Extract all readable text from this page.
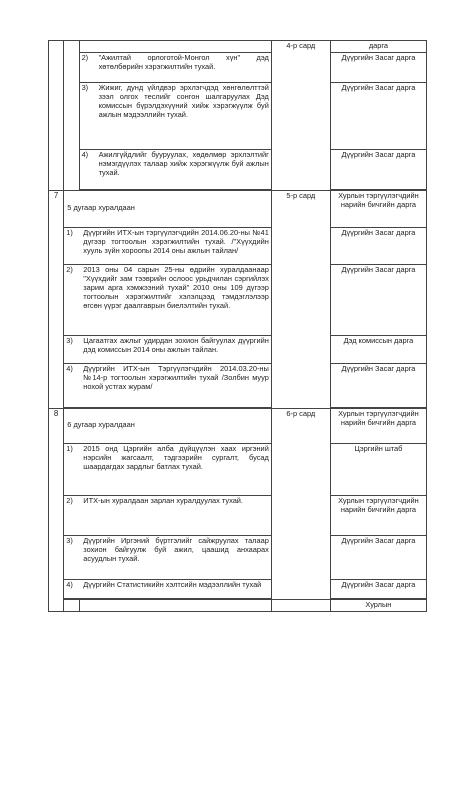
			4-р сард	дарга

		2) "Ажилтай орлоготой-Монгол хүн" дэд хөтөлбөрийн хэрэгжилтийн тухай.		Дүүргийн Засаг дарга

		3) Жижиг, дунд үйлдвэр эрхлэгчдэд хөнгөлөлттэй зээл олгох теслийг сонгон шалгаруулах Дэд комиссын бүрэлдэхүүний хийж хэрэгжүүлж буй ажлын мэдээллийн тухай.		Дүүргийн Засаг дарга

		4) Ажилгүйдлийг бууруулах, хөдөлмөр эрхлэлтийг нэмэгдүүлэх талаар хийж хэрэгжүүлж буй ажлын тухай.		Дүүргийн Засаг дарга

7	5 дугаар хуралдаан		5-р сард	Хурлын тэргүүлэгчдийн нарийн бичгийн дарга

	1) Дүүргийн ИТХ-ын тэргүүлэгчдийн 2014.06.20-ны №41 дүгээр тогтоолын хэрэгжилтийн тухай. /"Хүүхдийн хууль зүйн хороопы 2014 оны ажлын тайлан/			Дүүргийн Засаг дарга

	2) 2013 оны 04 сарын 25-ны өдрийн хуралдаанаар "Хүүхдийг зам тээврийн ослоос урьдчилан сэргийлэх зарим арга хэмжээний тухай" 2010 оны 109 дүгээр тогтоолын хэрэгжилтийг хэлэлцээд тэмдэглэлээр өгсөн үүрэг даалгаврын биелэлтийн тухай.			Дүүргийн Засаг дарга

	3) Цагаатгах ажлыг удирдан зохион байгуулах дүүргийн дэд комиссын 2014 оны ажлын тайлан.			Дэд комиссын дарга

	4) Дүүргийн ИТХ-ын Тэргүүлэгчдийн 2014.03.20-ны №14-р тогтоолын хэрэгжилтийн тухай /Золбин муур нохой устгах журам/			Дүүргийн Засаг дарга

8	6 дугаар хуралдаан		6-р сард	Хурлын тэргүүлэгчдийн нарийн бичгийн дарга

	1) 2015 онд Цэргийн алба дүйцүүлэн хаах иргэний нэрсийн жагсаалт, тэдгээрийн сургалт, бусад шаардагдах зардлыг батлах тухай.			Цэргийн штаб

	2) ИТХ-ын хуралдаан зарлан хуралдуулах тухай.			Хурлын тэргүүлэгчдийн нарийн бичгийн дарга

	3) Дүүргийн Иргэний бүртгэлийг сайжруулах талаар зохион байгуулж буй ажил, цаашид анхаарах асуудлын тухай.			Дүүргийн Засаг дарга

	4) Дүүргийн Статистикийн хэлтсийн мэдээллийн тухай			Дүүргийн Засаг дарга

				Хурлын
